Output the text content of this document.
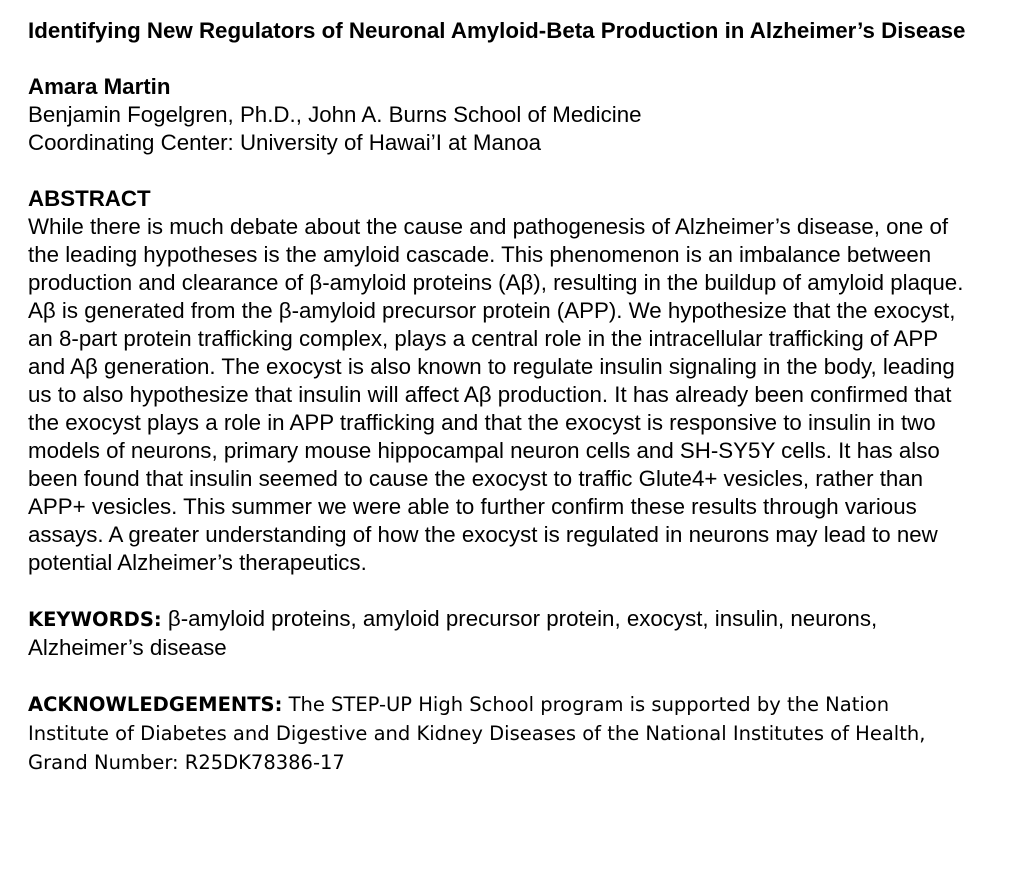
Identifying New Regulators of Neuronal Amyloid-Beta Production in Alzheimer’s Disease
Amara Martin
Benjamin Fogelgren, Ph.D., John A. Burns School of Medicine
Coordinating Center: University of Hawai’I at Manoa
ABSTRACT
While there is much debate about the cause and pathogenesis of Alzheimer’s disease, one of the leading hypotheses is the amyloid cascade. This phenomenon is an imbalance between production and clearance of β-amyloid proteins (Aβ), resulting in the buildup of amyloid plaque. Aβ is generated from the β-amyloid precursor protein (APP). We hypothesize that the exocyst, an 8-part protein trafficking complex, plays a central role in the intracellular trafficking of APP and Aβ generation. The exocyst is also known to regulate insulin signaling in the body, leading us to also hypothesize that insulin will affect Aβ production. It has already been confirmed that the exocyst plays a role in APP trafficking and that the exocyst is responsive to insulin in two models of neurons, primary mouse hippocampal neuron cells and SH-SY5Y cells. It has also been found that insulin seemed to cause the exocyst to traffic Glute4+ vesicles, rather than APP+ vesicles. This summer we were able to further confirm these results through various assays. A greater understanding of how the exocyst is regulated in neurons may lead to new potential Alzheimer’s therapeutics.
KEYWORDS: β-amyloid proteins, amyloid precursor protein, exocyst, insulin, neurons, Alzheimer’s disease
ACKNOWLEDGEMENTS: The STEP-UP High School program is supported by the Nation Institute of Diabetes and Digestive and Kidney Diseases of the National Institutes of Health, Grand Number: R25DK78386-17
